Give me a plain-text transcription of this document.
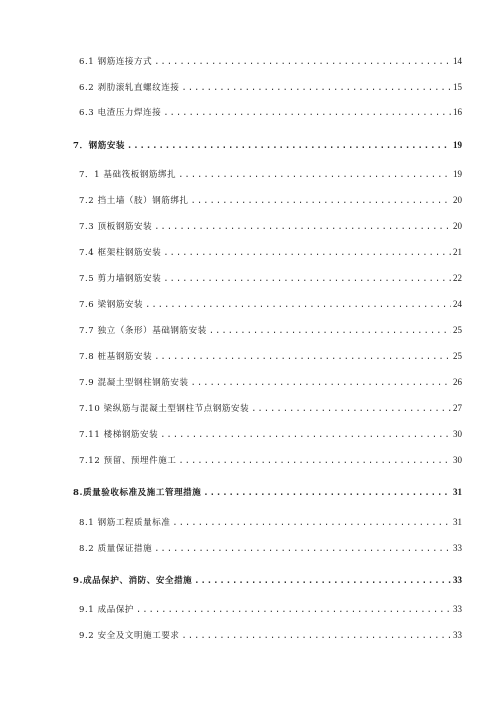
6.1 钢筋连接方式 .....	14
6.2 剥肋滚轧直螺纹连接 .....	15
6.3 电渣压力焊连接 .....	16
7．钢筋安装 .....	19
7．1 基础筏板钢筋绑扎 .....	19
7.2 挡土墙（肢）钢筋绑扎 .....	20
7.3 顶板钢筋安装 .....	20
7.4 框架柱钢筋安装 .....	21
7.5 剪力墙钢筋安装 .....	22
7.6 梁钢筋安装 .....	24
7.7 独立（条形）基础钢筋安装 .....	25
7.8 桩基钢筋安装 .....	25
7.9 混凝土型钢柱钢筋安装 .....	26
7.10 梁纵筋与混凝土型钢柱节点钢筋安装 .....	27
7.11 楼梯钢筋安装 .....	30
7.12 预留、预埋件施工 .....	30
8.质量验收标准及施工管理措施 .....	31
8.1 钢筋工程质量标准 .....	31
8.2 质量保证措施 .....	33
9.成品保护、消防、安全措施 .....	33
9.1 成品保护 .....	33
9.2 安全及文明施工要求 .....	33
